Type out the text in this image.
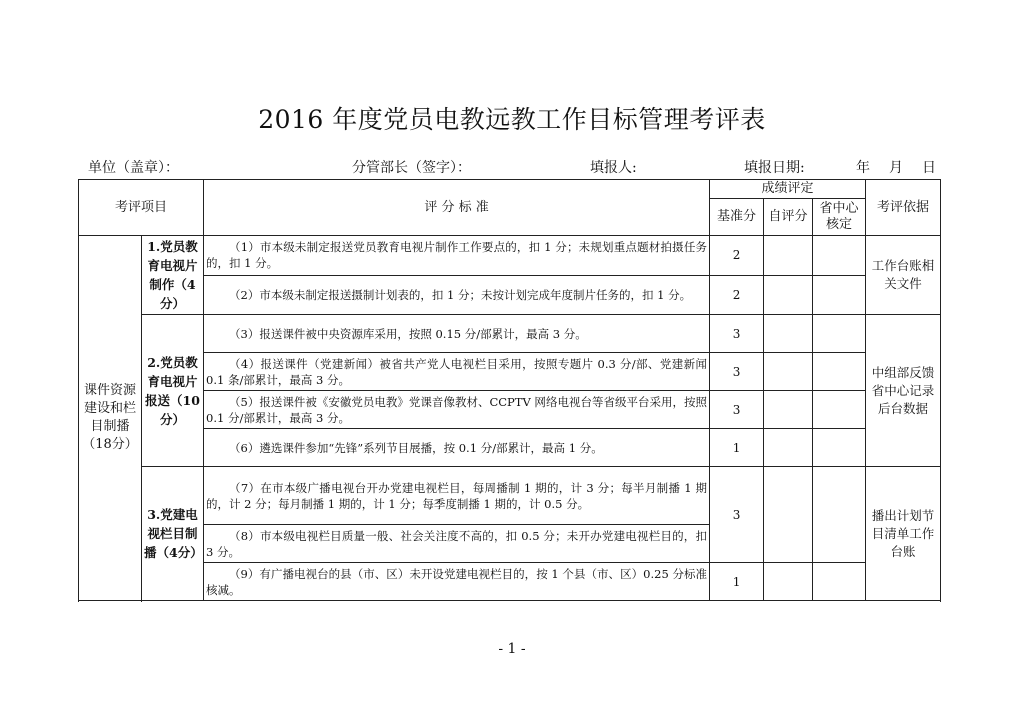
2016 年度党员电教远教工作目标管理考评表
单位（盖章）：	分管部长（签字）：	填报人:	填报日期:	年 月 日
考评项目		评 分 标 准	成绩评定			考评依据
			基准分	自评分	省中心核定	

课件资源建设和栏目制播（18分）	1.党员教育电视片制作（4分）	（1）市本级未制定报送党员教育电视片制作工作要点的，扣 1 分；未规划重点题材拍摄任务的，扣 1 分。	2			工作台账相关文件
		（2）市本级未制定报送摄制计划表的，扣 1 分；未按计划完成年度制片任务的，扣 1 分。	2			
	2.党员教育电视片报送（10分）	（3）报送课件被中央资源库采用，按照 0.15 分/部累计，最高 3 分。	3			中组部反馈省中心记录后台数据
		（4）报送课件（党建新闻）被省共产党人电视栏目采用，按照专题片 0.3 分/部、党建新闻 0.1 条/部累计，最高 3 分。	3			
		（5）报送课件被《安徽党员电教》党课音像教材、CCPTV 网络电视台等省级平台采用，按照 0.1 分/部累计，最高 3 分。	3			
		（6）遴选课件参加“先锋”系列节目展播，按 0.1 分/部累计，最高 1 分。	1			
	3.党建电视栏目制播（4分）	（7）在市本级广播电视台开办党建电视栏目，每周播制 1 期的，计 3 分；每半月制播 1 期的，计 2 分；每月制播 1 期的，计 1 分；每季度制播 1 期的，计 0.5 分。	3			播出计划节目清单工作台账
		（8）市本级电视栏目质量一般、社会关注度不高的，扣 0.5 分；未开办党建电视栏目的，扣 3 分。				
		（9）有广播电视台的县（市、区）未开设党建电视栏目的，按 1 个县（市、区）0.25 分标准核减。	1			

- 1 -
